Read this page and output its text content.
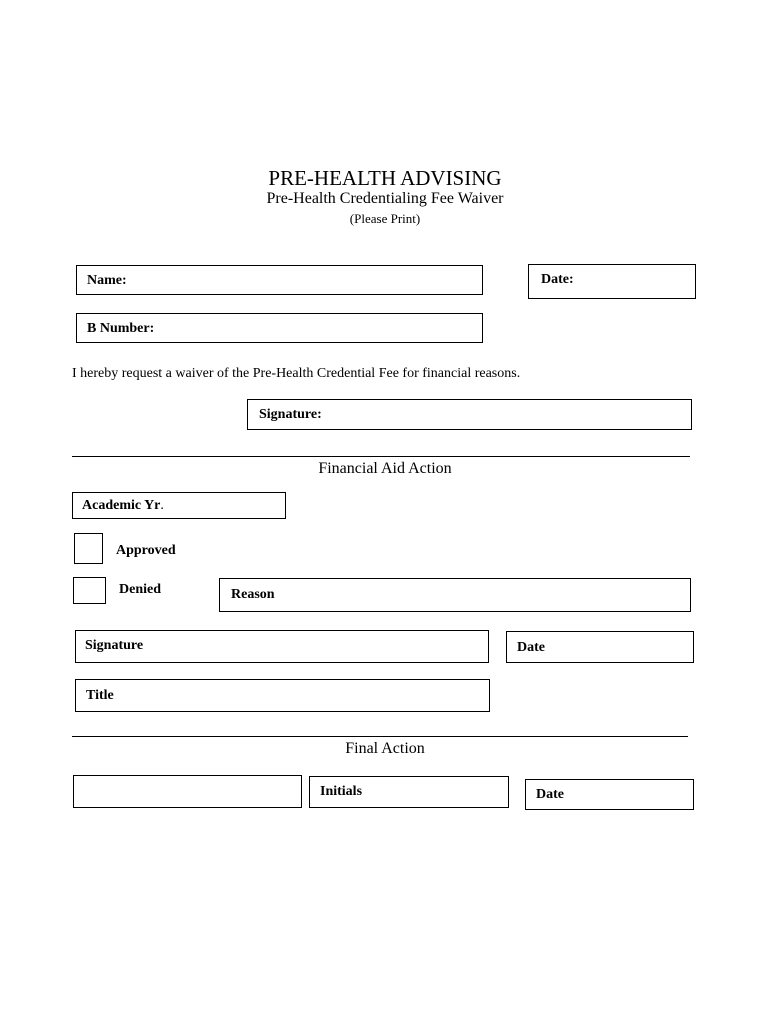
PRE-HEALTH ADVISING
Pre-Health Credentialing Fee Waiver
(Please Print)
Name:	Date:
B Number:
I hereby request a waiver of the Pre-Health Credential Fee for financial reasons.
Signature:
Financial Aid Action
Academic Yr.
Approved
Denied	Reason
Signature	Date
Title
Final Action
Initials	Date
